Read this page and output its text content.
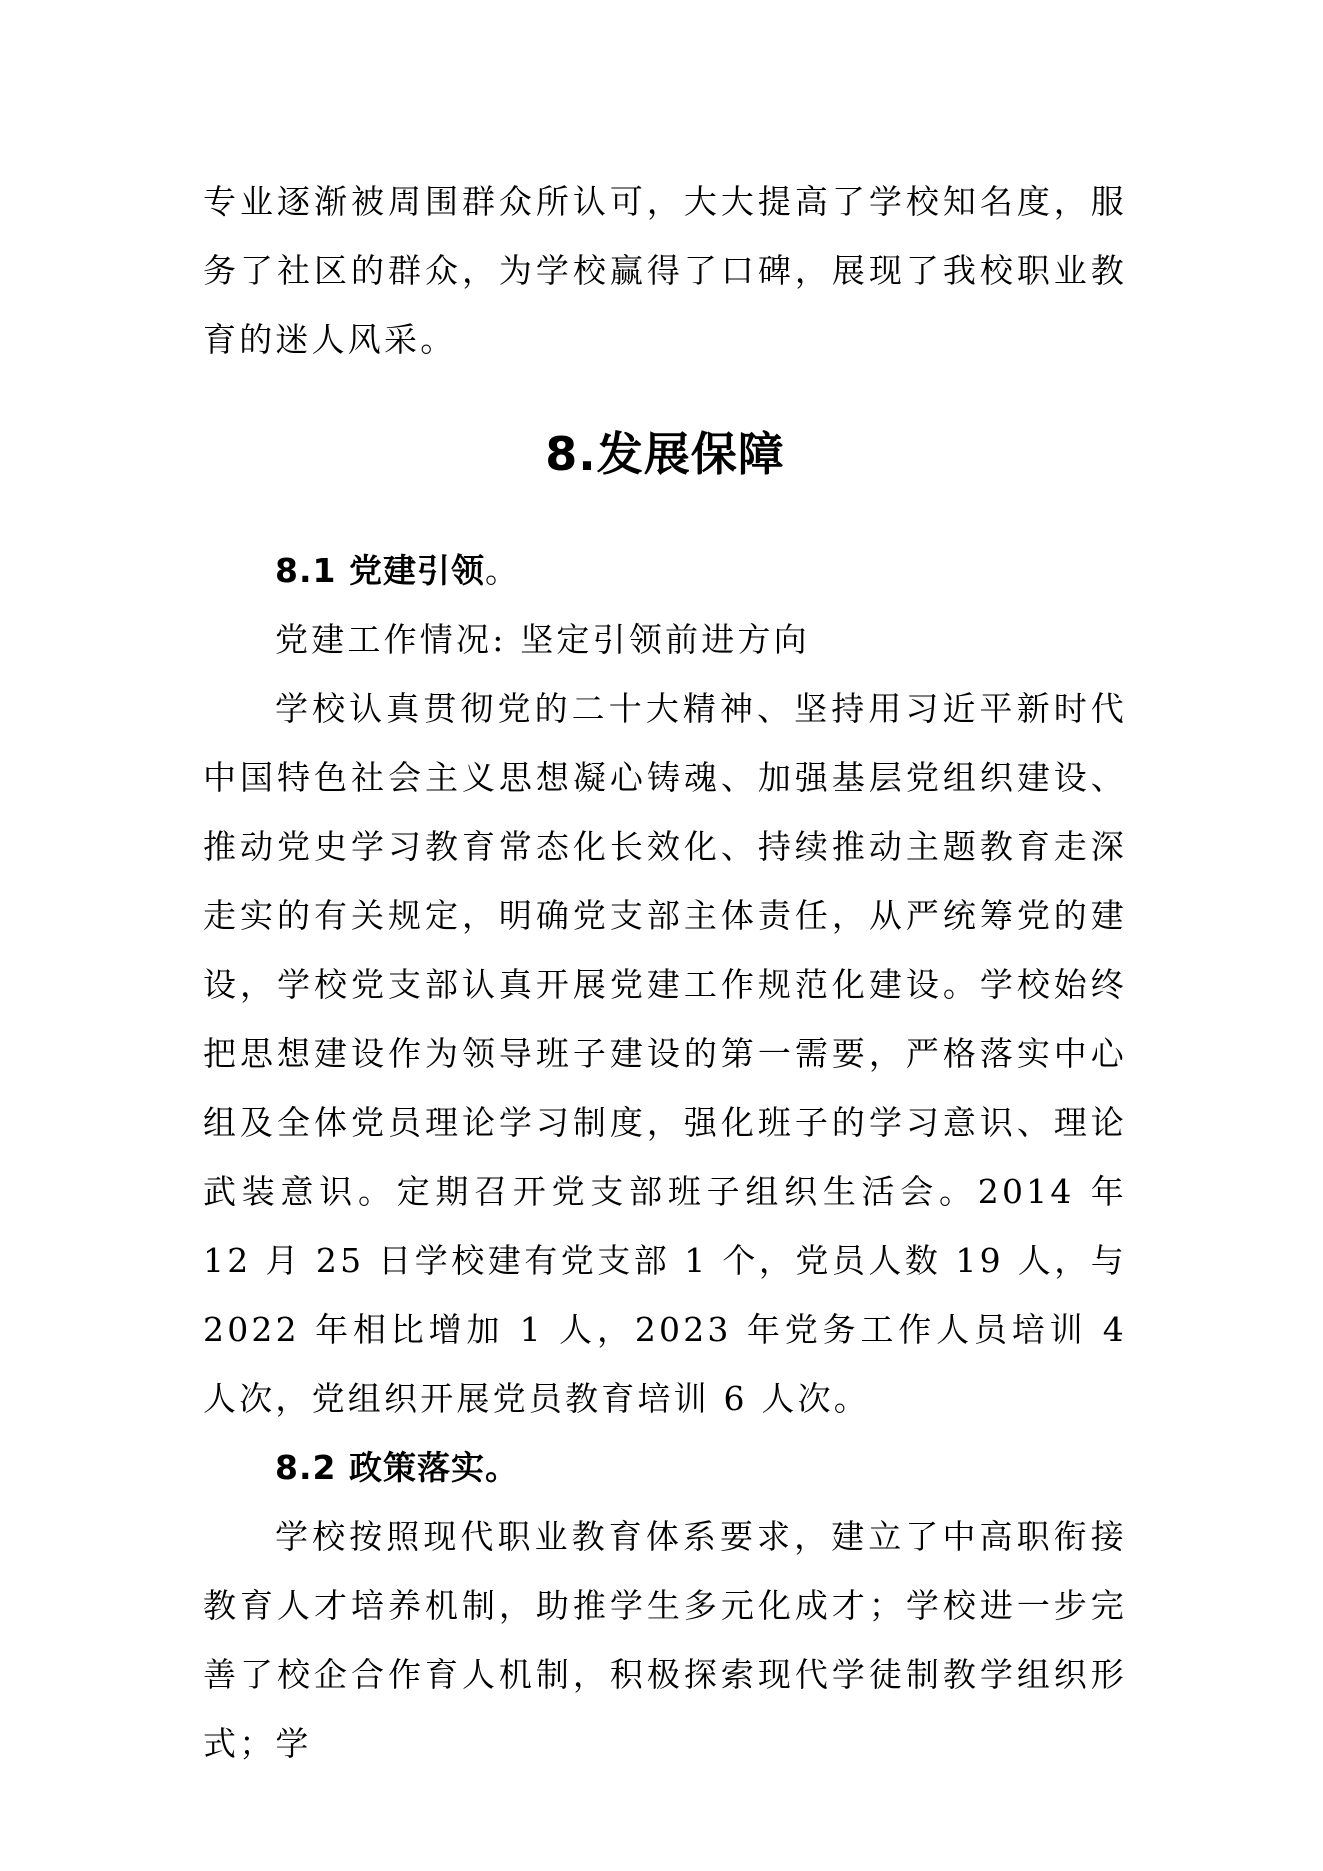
专业逐渐被周围群众所认可，大大提高了学校知名度，服务了社区的群众，为学校赢得了口碑，展现了我校职业教育的迷人风采。

8.发展保障

8.1 党建引领。

党建工作情况: 坚定引领前进方向

学校认真贯彻党的二十大精神、坚持用习近平新时代中国特色社会主义思想凝心铸魂、加强基层党组织建设、推动党史学习教育常态化长效化、持续推动主题教育走深走实的有关规定，明确党支部主体责任，从严统筹党的建设，学校党支部认真开展党建工作规范化建设。学校始终把思想建设作为领导班子建设的第一需要，严格落实中心组及全体党员理论学习制度，强化班子的学习意识、理论武装意识。定期召开党支部班子组织生活会。2014 年 12 月 25 日学校建有党支部 1 个，党员人数 19 人，与 2022 年相比增加 1 人，2023 年党务工作人员培训 4 人次，党组织开展党员教育培训 6 人次。

8.2 政策落实。

学校按照现代职业教育体系要求，建立了中高职衔接教育人才培养机制，助推学生多元化成才；学校进一步完善了校企合作育人机制，积极探索现代学徒制教学组织形式；学
